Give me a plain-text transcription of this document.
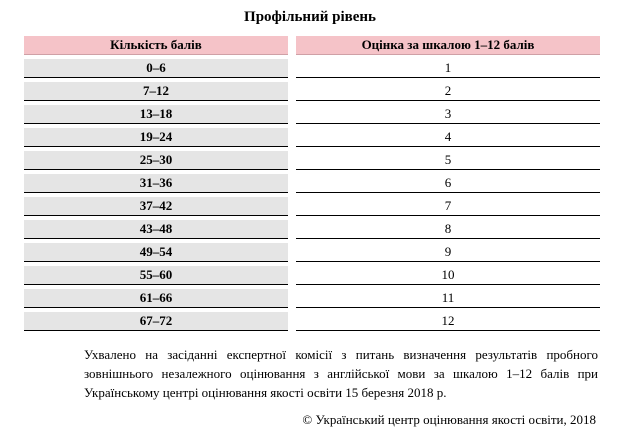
Профільний рівень
Кількість балів		Оцінка за шкалою 1–12 балів
0–6		1
7–12		2
13–18		3
19–24		4
25–30		5
31–36		6
37–42		7
43–48		8
49–54		9
55–60		10
61–66		11
67–72		12
Ухвалено на засіданні експертної комісії з питань визначення результатів пробного зовнішнього незалежного оцінювання з англійської мови за шкалою 1–12 балів при Українському центрі оцінювання якості освіти 15 березня 2018 р.
© Український центр оцінювання якості освіти, 2018
